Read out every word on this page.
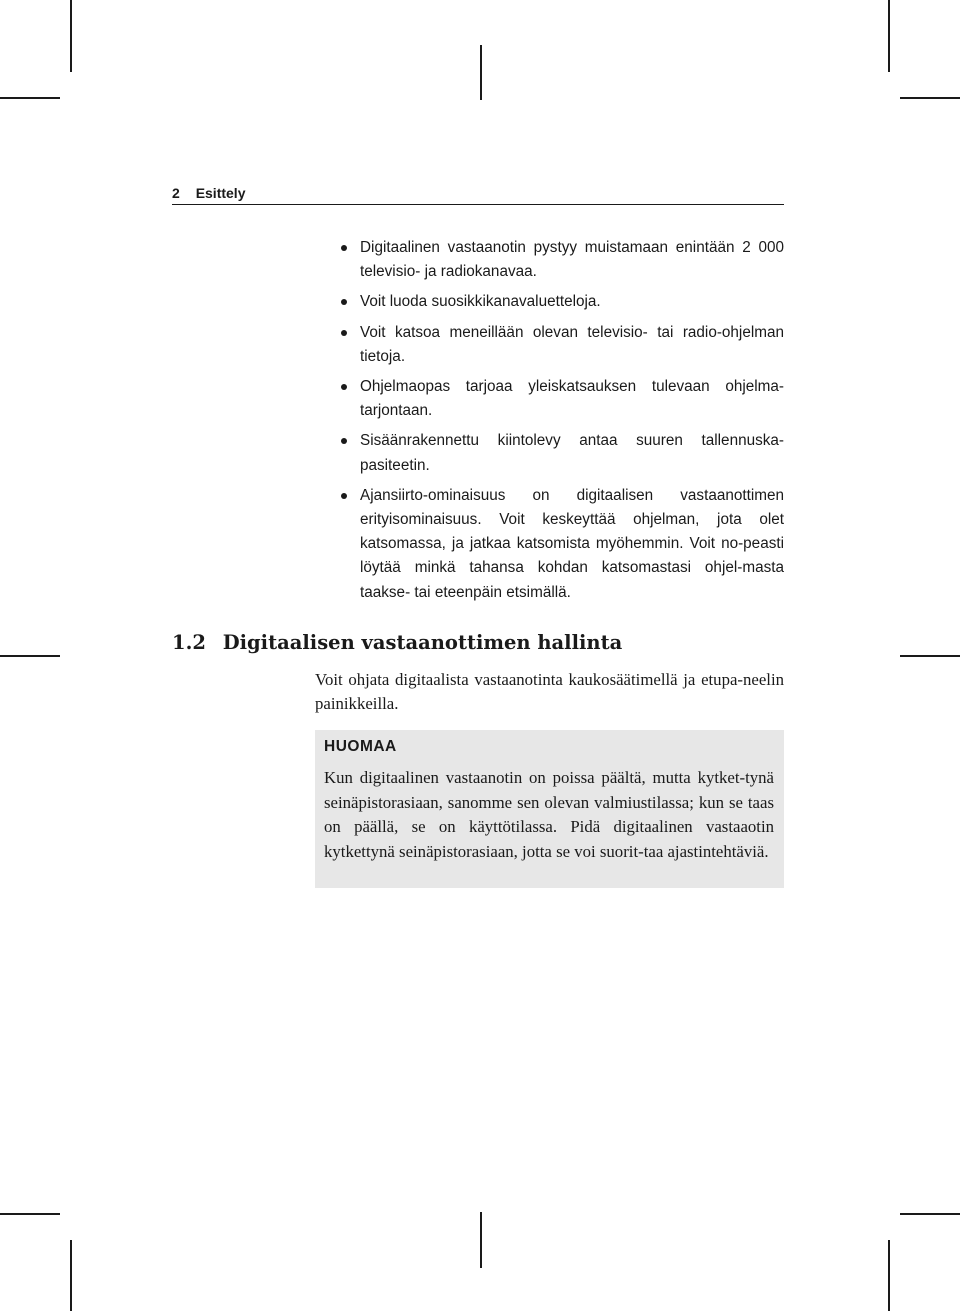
2 Esittely
Digitaalinen vastaanotin pystyy muistamaan enintään 2 000 televisio- ja radiokanavaa.
Voit luoda suosikkikanavaluetteloja.
Voit katsoa meneillään olevan televisio- tai radio-ohjelman tietoja.
Ohjelmaopas tarjoaa yleiskatsauksen tulevaan ohjelma-tarjontaan.
Sisäänrakennettu kiintolevy antaa suuren tallennuska-pasiteetin.
Ajansiirto-ominaisuus on digitaalisen vastaanottimen erityisominaisuus. Voit keskeyttää ohjelman, jota olet katsomassa, ja jatkaa katsomista myöhemmin. Voit no-peasti löytää minkä tahansa kohdan katsomastasi ohjel-masta taakse- tai eteenpäin etsimällä.
1.2 Digitaalisen vastaanottimen hallinta
Voit ohjata digitaalista vastaanotinta kaukosäätimellä ja etupa-neelin painikkeilla.
HUOMAA
Kun digitaalinen vastaanotin on poissa päältä, mutta kytket-tynä seinäpistorasiaan, sanomme sen olevan valmiustilassa; kun se taas on päällä, se on käyttötilassa. Pidä digitaalinen vastaaotin kytkettynä seinäpistorasiaan, jotta se voi suorit-taa ajastintehtäviä.
